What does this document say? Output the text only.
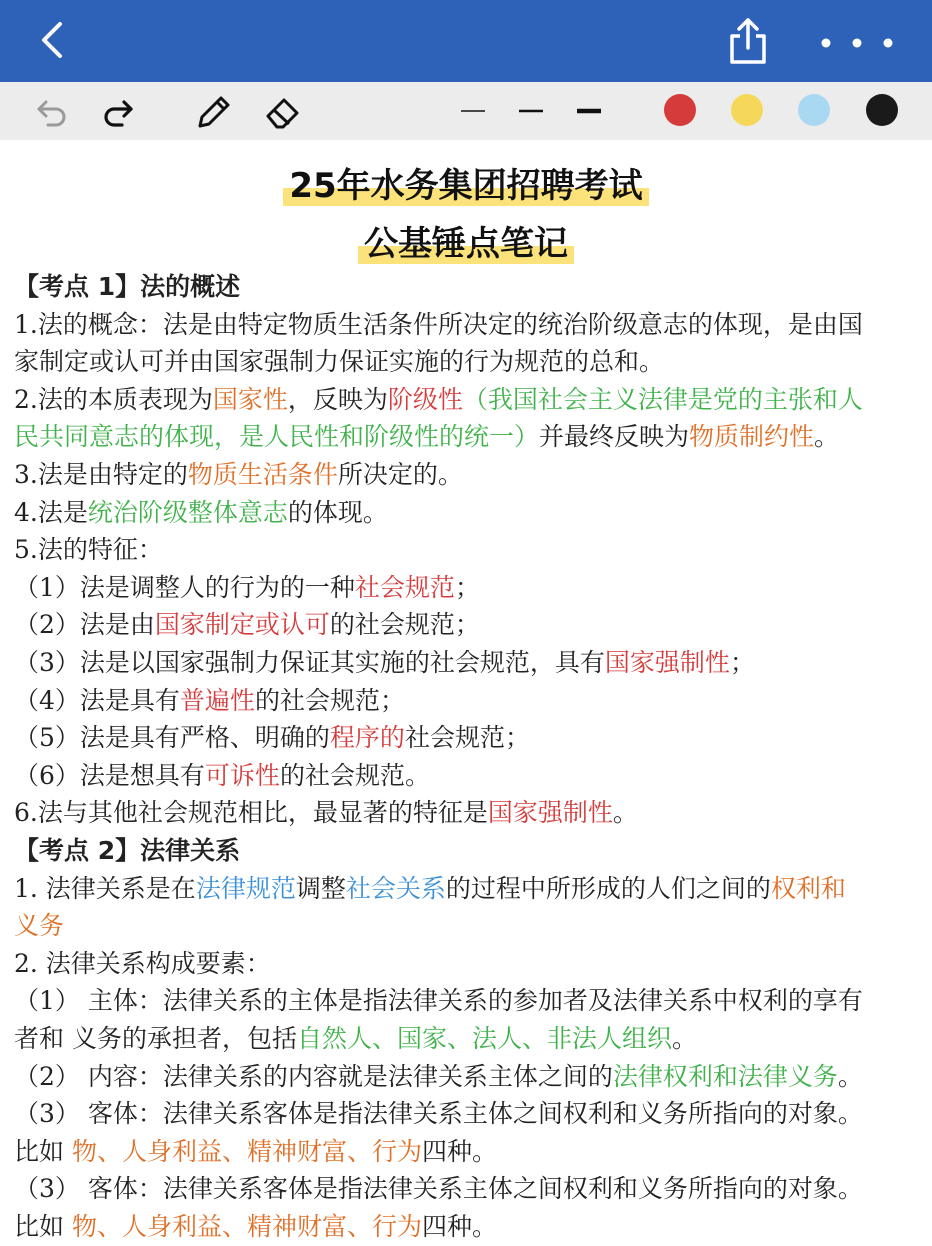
25年水务集团招聘考试
公基锤点笔记
【考点 1】法的概述
1.法的概念：法是由特定物质生活条件所决定的统治阶级意志的体现，是由国
家制定或认可并由国家强制力保证实施的行为规范的总和。
2.法的本质表现为国家性，反映为阶级性（我国社会主义法律是党的主张和人
民共同意志的体现，是人民性和阶级性的统一）并最终反映为物质制约性。
3.法是由特定的物质生活条件所决定的。
4.法是统治阶级整体意志的体现。
5.法的特征：
（1）法是调整人的行为的一种社会规范；
（2）法是由国家制定或认可的社会规范；
（3）法是以国家强制力保证其实施的社会规范，具有国家强制性；
（4）法是具有普遍性的社会规范；
（5）法是具有严格、明确的程序的社会规范；
（6）法是想具有可诉性的社会规范。
6.法与其他社会规范相比，最显著的特征是国家强制性。
【考点 2】法律关系
1. 法律关系是在法律规范调整社会关系的过程中所形成的人们之间的权利和
义务
2. 法律关系构成要素：
（1） 主体：法律关系的主体是指法律关系的参加者及法律关系中权利的享有
者和 义务的承担者，包括自然人、国家、法人、非法人组织。
（2） 内容：法律关系的内容就是法律关系主体之间的法律权利和法律义务。
（3） 客体：法律关系客体是指法律关系主体之间权利和义务所指向的对象。
比如 物、人身利益、精神财富、行为四种。
（3） 客体：法律关系客体是指法律关系主体之间权利和义务所指向的对象。
比如 物、人身利益、精神财富、行为四种。
